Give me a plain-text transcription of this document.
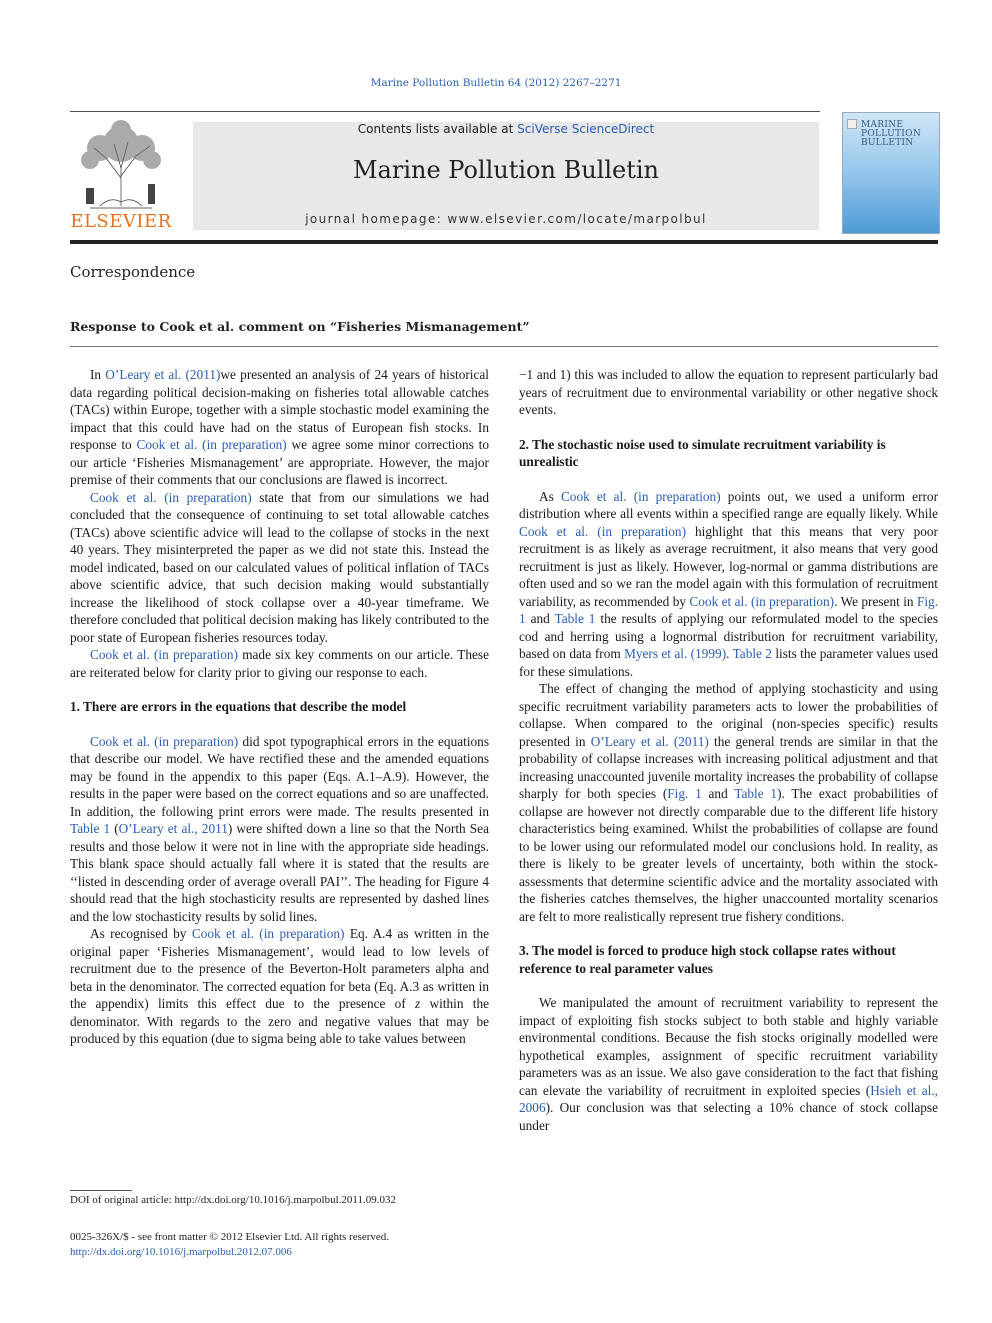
Marine Pollution Bulletin 64 (2012) 2267–2271
ELSEVIER
Contents lists available at SciVerse ScienceDirect
Marine Pollution Bulletin
journal homepage: www.elsevier.com/locate/marpolbul
MARINE POLLUTION BULLETIN
Correspondence
Response to Cook et al. comment on “Fisheries Mismanagement”

In O’Leary et al. (2011)we presented an analysis of 24 years of historical data regarding political decision-making on fisheries total allowable catches (TACs) within Europe, together with a simple stochastic model examining the impact that this could have had on the status of European fish stocks. In response to Cook et al. (in preparation) we agree some minor corrections to our article ‘Fisheries Mismanagement’ are appropriate. However, the major premise of their comments that our conclusions are flawed is incorrect.

Cook et al. (in preparation) state that from our simulations we had concluded that the consequence of continuing to set total allowable catches (TACs) above scientific advice will lead to the collapse of stocks in the next 40 years. They misinterpreted the paper as we did not state this. Instead the model indicated, based on our calculated values of political inflation of TACs above scientific advice, that such decision making would substantially increase the likelihood of stock collapse over a 40-year timeframe. We therefore concluded that political decision making has likely contributed to the poor state of European fisheries resources today.

Cook et al. (in preparation) made six key comments on our article. These are reiterated below for clarity prior to giving our response to each.

1. There are errors in the equations that describe the model

Cook et al. (in preparation) did spot typographical errors in the equations that describe our model. We have rectified these and the amended equations may be found in the appendix to this paper (Eqs. A.1–A.9). However, the results in the paper were based on the correct equations and so are unaffected. In addition, the following print errors were made. The results presented in Table 1 (O’Leary et al., 2011) were shifted down a line so that the North Sea results and those below it were not in line with the appropriate side headings. This blank space should actually fall where it is stated that the results are ‘‘listed in descending order of average overall PAI’’. The heading for Figure 4 should read that the high stochasticity results are represented by dashed lines and the low stochasticity results by solid lines.

As recognised by Cook et al. (in preparation) Eq. A.4 as written in the original paper ‘Fisheries Mismanagement’, would lead to low levels of recruitment due to the presence of the Beverton-Holt parameters alpha and beta in the denominator. The corrected equation for beta (Eq. A.3 as written in the appendix) limits this effect due to the presence of z within the denominator. With regards to the zero and negative values that may be produced by this equation (due to sigma being able to take values between

−1 and 1) this was included to allow the equation to represent particularly bad years of recruitment due to environmental variability or other negative shock events.

2. The stochastic noise used to simulate recruitment variability is unrealistic

As Cook et al. (in preparation) points out, we used a uniform error distribution where all events within a specified range are equally likely. While Cook et al. (in preparation) highlight that this means that very poor recruitment is as likely as average recruitment, it also means that very good recruitment is just as likely. However, log-normal or gamma distributions are often used and so we ran the model again with this formulation of recruitment variability, as recommended by Cook et al. (in preparation). We present in Fig. 1 and Table 1 the results of applying our reformulated model to the species cod and herring using a lognormal distribution for recruitment variability, based on data from Myers et al. (1999). Table 2 lists the parameter values used for these simulations.

The effect of changing the method of applying stochasticity and using specific recruitment variability parameters acts to lower the probabilities of collapse. When compared to the original (non-species specific) results presented in O’Leary et al. (2011) the general trends are similar in that the probability of collapse increases with increasing political adjustment and that increasing unaccounted juvenile mortality increases the probability of collapse sharply for both species (Fig. 1 and Table 1). The exact probabilities of collapse are however not directly comparable due to the different life history characteristics being examined. Whilst the probabilities of collapse are found to be lower using our reformulated model our conclusions hold. In reality, as there is likely to be greater levels of uncertainty, both within the stock-assessments that determine scientific advice and the mortality associated with the fisheries catches themselves, the higher unaccounted mortality scenarios are felt to more realistically represent true fishery conditions.

3. The model is forced to produce high stock collapse rates without reference to real parameter values

We manipulated the amount of recruitment variability to represent the impact of exploiting fish stocks subject to both stable and highly variable environmental conditions. Because the fish stocks originally modelled were hypothetical examples, assignment of specific recruitment variability parameters was as an issue. We also gave consideration to the fact that fishing can elevate the variability of recruitment in exploited species (Hsieh et al., 2006). Our conclusion was that selecting a 10% chance of stock collapse under

DOI of original article: http://dx.doi.org/10.1016/j.marpolbul.2011.09.032
0025-326X/$ - see front matter © 2012 Elsevier Ltd. All rights reserved.
http://dx.doi.org/10.1016/j.marpolbul.2012.07.006
